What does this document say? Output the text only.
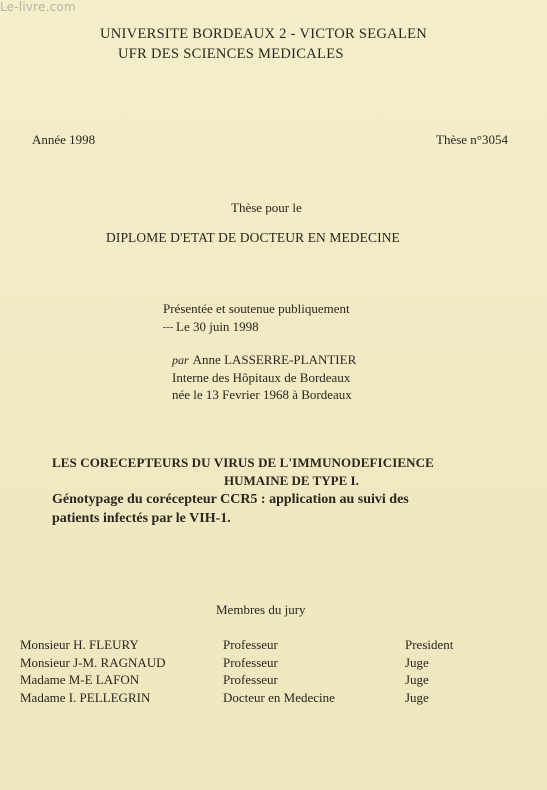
Le-livre.com
UNIVERSITE BORDEAUX 2 - VICTOR SEGALEN
UFR DES SCIENCES MEDICALES
Année 1998	Thèse n°3054
Thèse pour le
DIPLOME D'ETAT DE DOCTEUR EN MEDECINE
Présentée et soutenue publiquement
Le 30 juin 1998
par Anne LASSERRE-PLANTIER
Interne des Hôpitaux de Bordeaux
née le 13 Fevrier 1968 à Bordeaux
LES CORECEPTEURS DU VIRUS DE L'IMMUNODEFICIENCE
HUMAINE DE TYPE I.
Génotypage du corécepteur CCR5 : application au suivi des
patients infectés par le VIH-1.
Membres du jury
Monsieur H. FLEURY	Professeur	President
Monsieur J-M. RAGNAUD	Professeur	Juge
Madame M-E LAFON	Professeur	Juge
Madame I. PELLEGRIN	Docteur en Medecine	Juge
